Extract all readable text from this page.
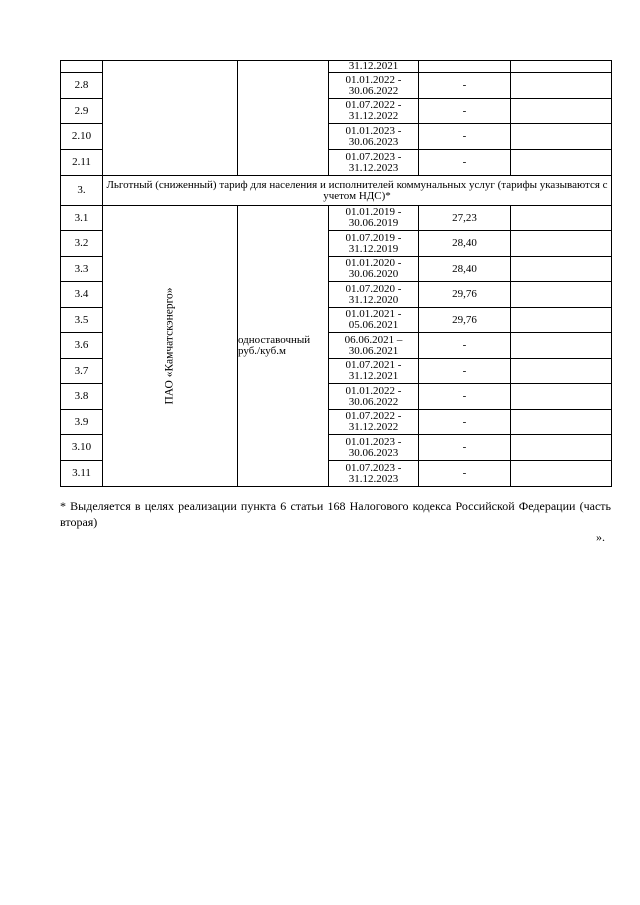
			31.12.2021		
2.8			01.01.2022 - 30.06.2022	-	
2.9			01.07.2022 - 31.12.2022	-	
2.10			01.01.2023 - 30.06.2023	-	
2.11			01.07.2023 - 31.12.2023	-	
3.	Льготный (сниженный) тариф для населения и исполнителей коммунальных услуг (тарифы указываются с учетом НДС)*				
3.1	ПАО «Камчатскэнерго»	одноставочный руб./куб.м	01.01.2019 - 30.06.2019	27,23	
3.2			01.07.2019 - 31.12.2019	28,40	
3.3			01.01.2020 - 30.06.2020	28,40	
3.4			01.07.2020 - 31.12.2020	29,76	
3.5			01.01.2021 - 05.06.2021	29,76	
3.6			06.06.2021 – 30.06.2021	-	
3.7			01.07.2021 - 31.12.2021	-	
3.8			01.01.2022 - 30.06.2022	-	
3.9			01.07.2022 - 31.12.2022	-	
3.10			01.01.2023 - 30.06.2023	-	
3.11			01.07.2023 - 31.12.2023	-	
* Выделяется в целях реализации пункта 6 статьи 168 Налогового кодекса Российской Федерации (часть вторая)
».
